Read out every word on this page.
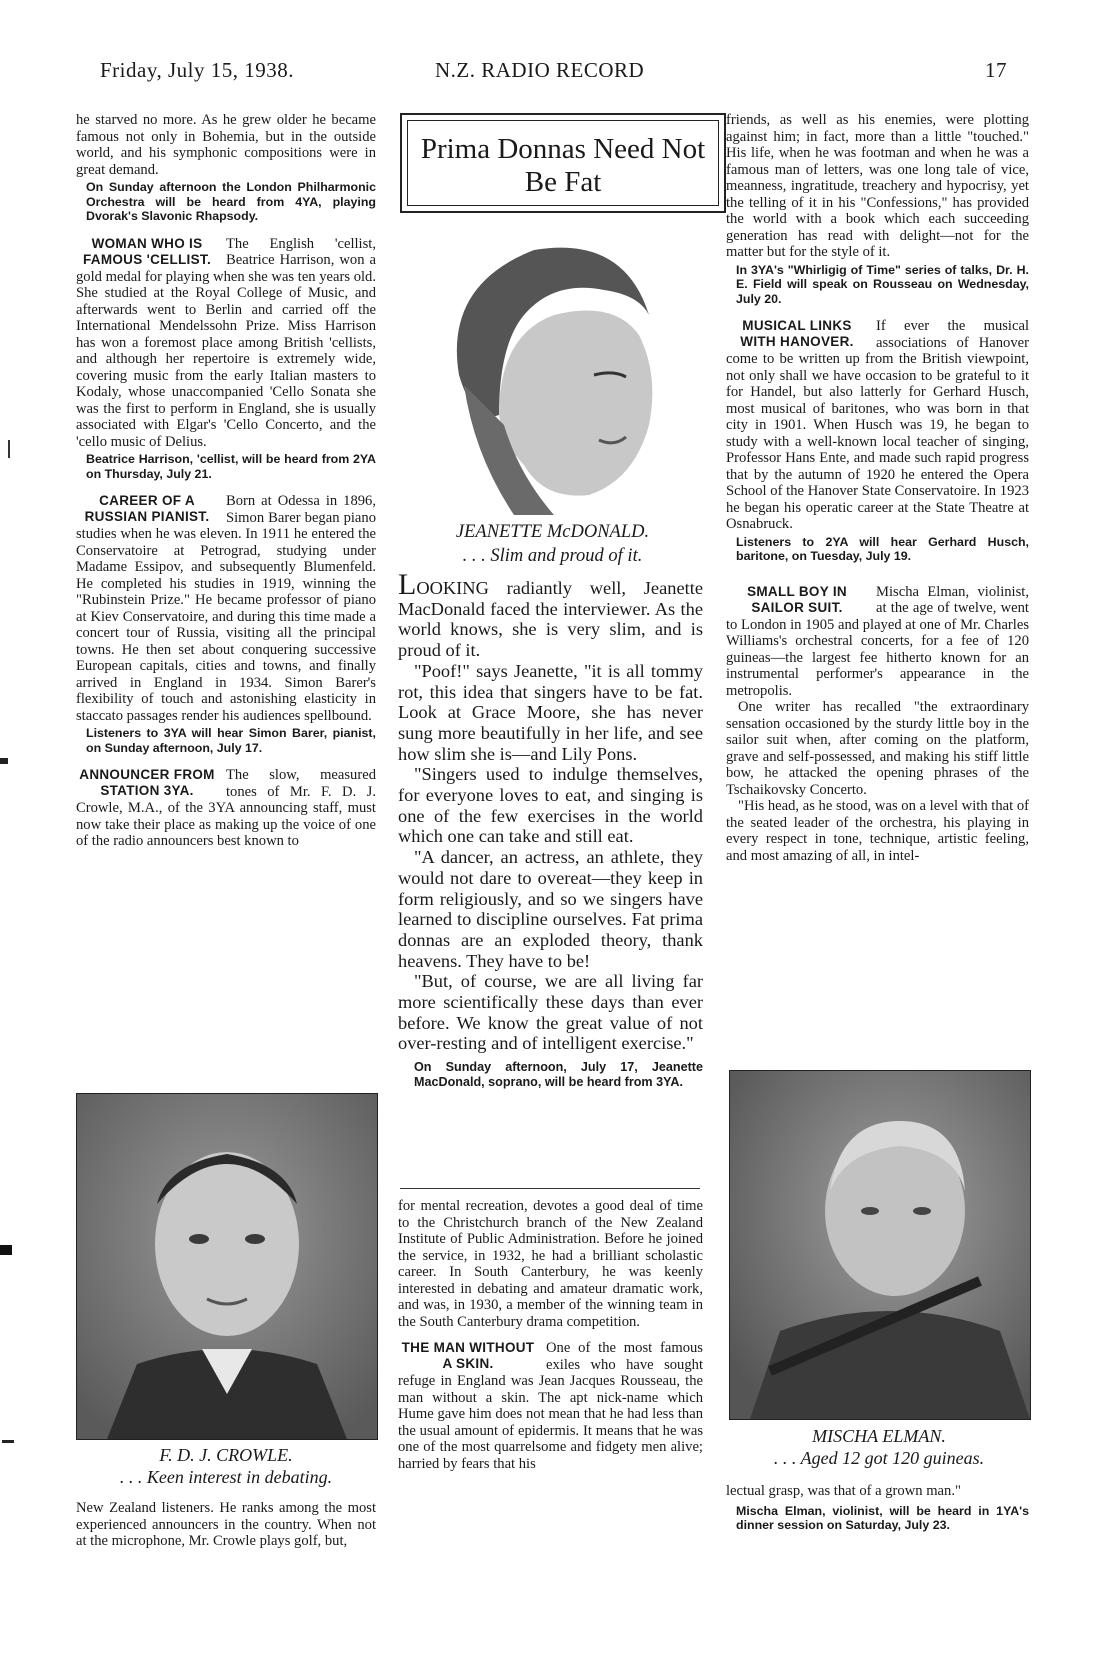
Friday, July 15, 1938.	N.Z. RADIO RECORD	17

he starved no more. As he grew older he became famous not only in Bohemia, but in the outside world, and his symphonic compositions were in great demand.

On Sunday afternoon the London Philharmonic Orchestra will be heard from 4YA, playing Dvorak's Slavonic Rhapsody.
WOMAN WHO IS FAMOUS 'CELLIST.

The English 'cellist, Beatrice Harrison, won a gold medal for playing when she was ten years old. She studied at the Royal College of Music, and afterwards went to Berlin and carried off the International Mendelssohn Prize. Miss Harrison has won a foremost place among British 'cellists, and although her repertoire is extremely wide, covering music from the early Italian masters to Kodaly, whose unaccompanied 'Cello Sonata she was the first to perform in England, she is usually associated with Elgar's 'Cello Concerto, and the 'cello music of Delius.

Beatrice Harrison, 'cellist, will be heard from 2YA on Thursday, July 21.
CAREER OF A RUSSIAN PIANIST.

Born at Odessa in 1896, Simon Barer began piano studies when he was eleven. In 1911 he entered the Conservatoire at Petrograd, studying under Madame Essipov, and subsequently Blumenfeld. He completed his studies in 1919, winning the "Rubinstein Prize." He became professor of piano at Kiev Conservatoire, and during this time made a concert tour of Russia, visiting all the principal towns. He then set about conquering successive European capitals, cities and towns, and finally arrived in England in 1934. Simon Barer's flexibility of touch and astonishing elasticity in staccato passages render his audiences spellbound.

Listeners to 3YA will hear Simon Barer, pianist, on Sunday afternoon, July 17.
ANNOUNCER FROM STATION 3YA.

The slow, measured tones of Mr. F. D. J. Crowle, M.A., of the 3YA announcing staff, must now take their place as making up the voice of one of the radio announcers best known to

F. D. J. CROWLE.
. . . Keen interest in debating.

New Zealand listeners. He ranks among the most experienced announcers in the country. When not at the microphone, Mr. Crowle plays golf, but,

Prima Donnas Need Not Be Fat
JEANETTE McDONALD.
. . . Slim and proud of it.

LOOKING radiantly well, Jeanette MacDonald faced the interviewer. As the world knows, she is very slim, and is proud of it.

"Poof!" says Jeanette, "it is all tommy rot, this idea that singers have to be fat. Look at Grace Moore, she has never sung more beautifully in her life, and see how slim she is—and Lily Pons.

"Singers used to indulge themselves, for everyone loves to eat, and singing is one of the few exercises in the world which one can take and still eat.

"A dancer, an actress, an athlete, they would not dare to overeat—they keep in form religiously, and so we singers have learned to discipline ourselves. Fat prima donnas are an exploded theory, thank heavens. They have to be!

"But, of course, we are all living far more scientifically these days than ever before. We know the great value of not over-resting and of intelligent exercise."

On Sunday afternoon, July 17, Jeanette MacDonald, soprano, will be heard from 3YA.

for mental recreation, devotes a good deal of time to the Christchurch branch of the New Zealand Institute of Public Administration. Before he joined the service, in 1932, he had a brilliant scholastic career. In South Canterbury, he was keenly interested in debating and amateur dramatic work, and was, in 1930, a member of the winning team in the South Canterbury drama competition.

THE MAN WITHOUT A SKIN.

One of the most famous exiles who have sought refuge in England was Jean Jacques Rousseau, the man without a skin. The apt nick-name which Hume gave him does not mean that he had less than the usual amount of epidermis. It means that he was one of the most quarrelsome and fidgety men alive; harried by fears that his

friends, as well as his enemies, were plotting against him; in fact, more than a little "touched." His life, when he was footman and when he was a famous man of letters, was one long tale of vice, meanness, ingratitude, treachery and hypocrisy, yet the telling of it in his "Confessions," has provided the world with a book which each succeeding generation has read with delight—not for the matter but for the style of it.

In 3YA's "Whirligig of Time" series of talks, Dr. H. E. Field will speak on Rousseau on Wednesday, July 20.
MUSICAL LINKS WITH HANOVER.

If ever the musical associations of Hanover come to be written up from the British viewpoint, not only shall we have occasion to be grateful to it for Handel, but also latterly for Gerhard Husch, most musical of baritones, who was born in that city in 1901. When Husch was 19, he began to study with a well-known local teacher of singing, Professor Hans Ente, and made such rapid progress that by the autumn of 1920 he entered the Opera School of the Hanover State Conservatoire. In 1923 he began his operatic career at the State Theatre at Osnabruck.

Listeners to 2YA will hear Gerhard Husch, baritone, on Tuesday, July 19.
SMALL BOY IN SAILOR SUIT.

Mischa Elman, violinist, at the age of twelve, went to London in 1905 and played at one of Mr. Charles Williams's orchestral concerts, for a fee of 120 guineas—the largest fee hitherto known for an instrumental performer's appearance in the metropolis.

One writer has recalled "the extraordinary sensation occasioned by the sturdy little boy in the sailor suit when, after coming on the platform, grave and self-possessed, and making his stiff little bow, he attacked the opening phrases of the Tschaikovsky Concerto.

"His head, as he stood, was on a level with that of the seated leader of the orchestra, his playing in every respect in tone, technique, artistic feeling, and most amazing of all, in intel-

MISCHA ELMAN.
. . . Aged 12 got 120 guineas.

lectual grasp, was that of a grown man."

Mischa Elman, violinist, will be heard in 1YA's dinner session on Saturday, July 23.
